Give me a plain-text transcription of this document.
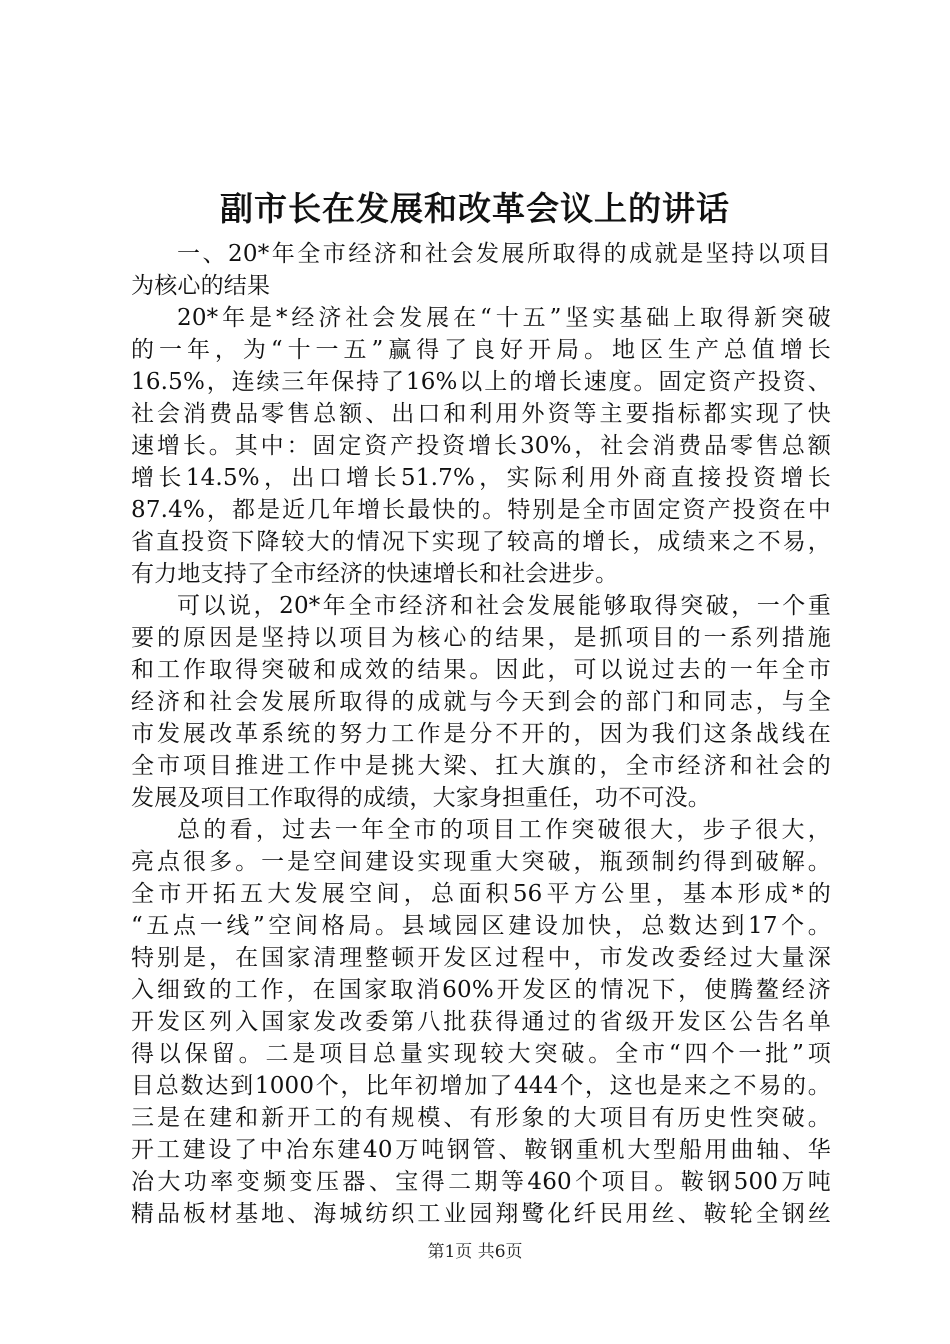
副市长在发展和改革会议上的讲话
一、20*年全市经济和社会发展所取得的成就是坚持以项目
为核心的结果
20*年是*经济社会发展在“十五”坚实基础上取得新突破
的一年，为“十一五”赢得了良好开局。地区生产总值增长
16.5%，连续三年保持了16%以上的增长速度。固定资产投资、
社会消费品零售总额、出口和利用外资等主要指标都实现了快
速增长。其中：固定资产投资增长30%，社会消费品零售总额
增长14.5%，出口增长51.7%，实际利用外商直接投资增长
87.4%，都是近几年增长最快的。特别是全市固定资产投资在中
省直投资下降较大的情况下实现了较高的增长，成绩来之不易，
有力地支持了全市经济的快速增长和社会进步。
可以说，20*年全市经济和社会发展能够取得突破，一个重
要的原因是坚持以项目为核心的结果，是抓项目的一系列措施
和工作取得突破和成效的结果。因此，可以说过去的一年全市
经济和社会发展所取得的成就与今天到会的部门和同志，与全
市发展改革系统的努力工作是分不开的，因为我们这条战线在
全市项目推进工作中是挑大梁、扛大旗的，全市经济和社会的
发展及项目工作取得的成绩，大家身担重任，功不可没。
总的看，过去一年全市的项目工作突破很大，步子很大，
亮点很多。一是空间建设实现重大突破，瓶颈制约得到破解。
全市开拓五大发展空间，总面积56平方公里，基本形成*的
“五点一线”空间格局。县域园区建设加快，总数达到17个。
特别是，在国家清理整顿开发区过程中，市发改委经过大量深
入细致的工作，在国家取消60%开发区的情况下，使腾鳌经济
开发区列入国家发改委第八批获得通过的省级开发区公告名单
得以保留。二是项目总量实现较大突破。全市“四个一批”项
目总数达到1000个，比年初增加了444个，这也是来之不易的。
三是在建和新开工的有规模、有形象的大项目有历史性突破。
开工建设了中冶东建40万吨钢管、鞍钢重机大型船用曲轴、华
冶大功率变频变压器、宝得二期等460个项目。鞍钢500万吨
精品板材基地、海城纺织工业园翔鹭化纤民用丝、鞍轮全钢丝
第1页 共6页
